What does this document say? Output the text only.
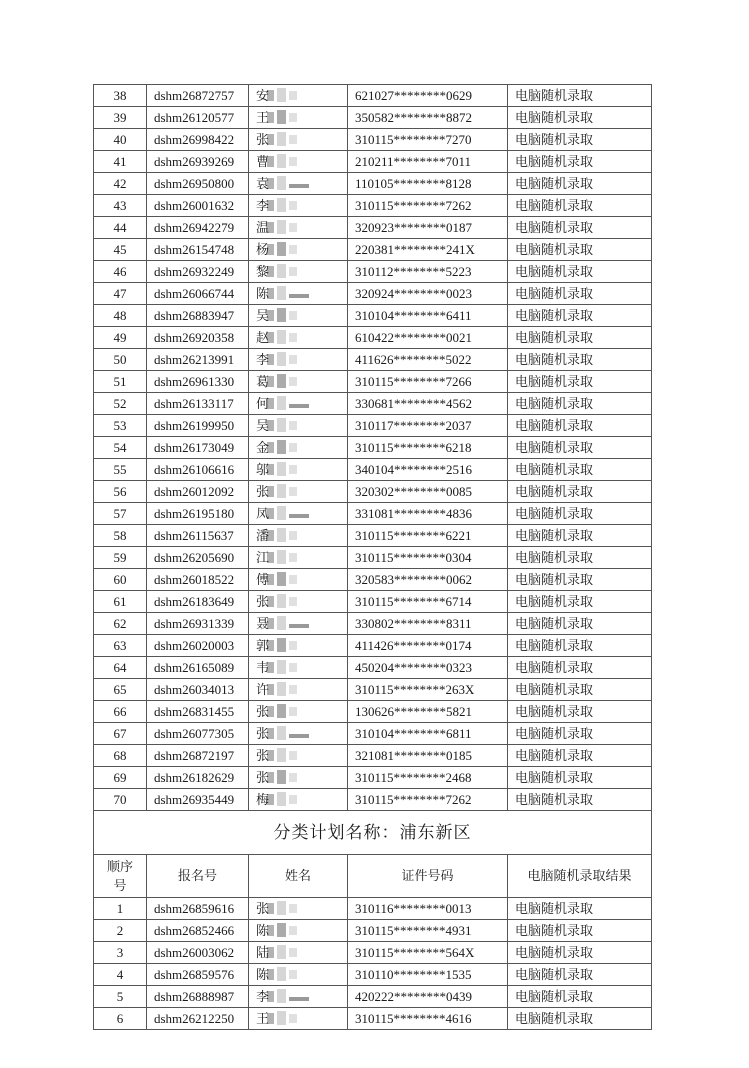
38	dshm26872757	安	621027********0629	电脑随机录取
39	dshm26120577	王	350582********8872	电脑随机录取
40	dshm26998422	张	310115********7270	电脑随机录取
41	dshm26939269	曹	210211********7011	电脑随机录取
42	dshm26950800	袁	110105********8128	电脑随机录取
43	dshm26001632	李	310115********7262	电脑随机录取
44	dshm26942279	温	320923********0187	电脑随机录取
45	dshm26154748	杨	220381********241X	电脑随机录取
46	dshm26932249	黎	310112********5223	电脑随机录取
47	dshm26066744	陈	320924********0023	电脑随机录取
48	dshm26883947	吴	310104********6411	电脑随机录取
49	dshm26920358	赵	610422********0021	电脑随机录取
50	dshm26213991	李	411626********5022	电脑随机录取
51	dshm26961330	葛	310115********7266	电脑随机录取
52	dshm26133117	何	330681********4562	电脑随机录取
53	dshm26199950	吴	310117********2037	电脑随机录取
54	dshm26173049	金	310115********6218	电脑随机录取
55	dshm26106616	邬	340104********2516	电脑随机录取
56	dshm26012092	张	320302********0085	电脑随机录取
57	dshm26195180	凤	331081********4836	电脑随机录取
58	dshm26115637	潘	310115********6221	电脑随机录取
59	dshm26205690	江	310115********0304	电脑随机录取
60	dshm26018522	傅	320583********0062	电脑随机录取
61	dshm26183649	张	310115********6714	电脑随机录取
62	dshm26931339	聂	330802********8311	电脑随机录取
63	dshm26020003	郭	411426********0174	电脑随机录取
64	dshm26165089	韦	450204********0323	电脑随机录取
65	dshm26034013	许	310115********263X	电脑随机录取
66	dshm26831455	张	130626********5821	电脑随机录取
67	dshm26077305	张	310104********6811	电脑随机录取
68	dshm26872197	张	321081********0185	电脑随机录取
69	dshm26182629	张	310115********2468	电脑随机录取
70	dshm26935449	梅	310115********7262	电脑随机录取
分类计划名称：浦东新区				
顺序
号	报名号	姓名	证件号码	电脑随机录取结果
1	dshm26859616	张	310116********0013	电脑随机录取
2	dshm26852466	陈	310115********4931	电脑随机录取
3	dshm26003062	陆	310115********564X	电脑随机录取
4	dshm26859576	陈	310110********1535	电脑随机录取
5	dshm26888987	李	420222********0439	电脑随机录取
6	dshm26212250	王	310115********4616	电脑随机录取
